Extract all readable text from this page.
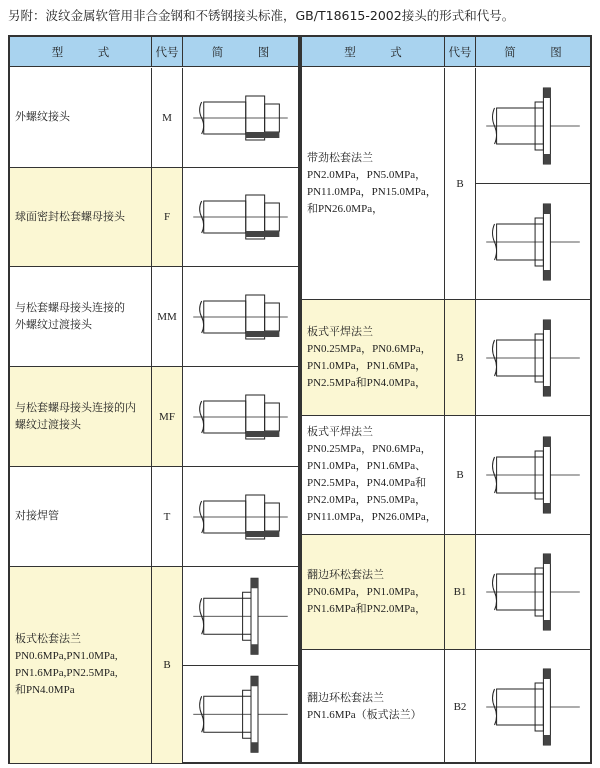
另附：波纹金属软管用非合金钢和不锈钢接头标准，GB/T18615-2002接头的形式和代号。
型　　　式	代号	简　　　图
外螺纹接头	M
球面密封松套螺母接头	F
与松套螺母接头连接的
外螺纹过渡接头
MM
与松套螺母接头连接的内
螺纹过渡接头
MF
对接焊管	T
板式松套法兰
PN0.6MPa,PN1.0MPa,
PN1.6MPa,PN2.5MPa,
和PN4.0MPa
B
型　　　式	代号	简　　　图
带劲松套法兰
PN2.0MPa，PN5.0MPa，
PN11.0MPa，PN15.0MPa，
和PN26.0MPa，
B
板式平焊法兰
PN0.25MPa，PN0.6MPa，
PN1.0MPa，PN1.6MPa，
PN2.5MPa和PN4.0MPa，
B
板式平焊法兰
PN0.25MPa，PN0.6MPa，
PN1.0MPa，PN1.6MPa、
PN2.5MPa，PN4.0MPa和
PN2.0MPa，PN5.0MPa，
PN11.0MPa，PN26.0MPa，
B
翻边环松套法兰
PN0.6MPa，PN1.0MPa，
PN1.6MPa和PN2.0MPa，
B1
翻边环松套法兰
PN1.6MPa（板式法兰）
B2
